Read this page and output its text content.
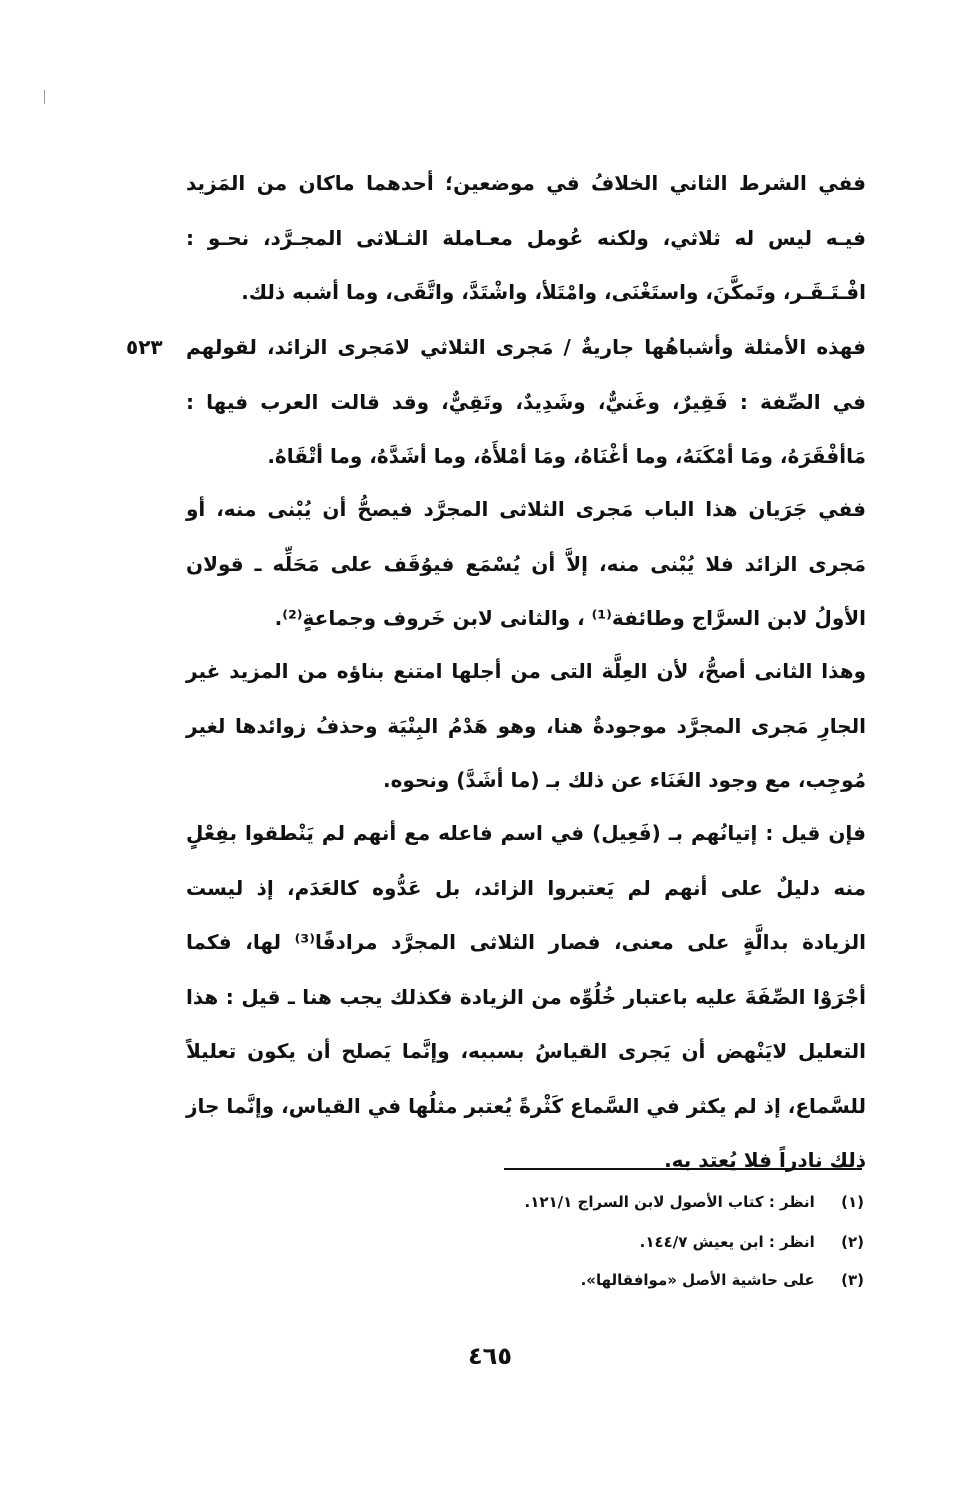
ففي الشرط الثاني الخلافُ في موضعين؛ أحدهما ماكان من المَزيد فيـه ليس له ثلاثي، ولكنه عُومل معـاملة الثـلاثى المجـرَّد، نحـو : افْـتَـقَـر، وتَمكَّنَ، واستَغْنَى، وامْتَلأ، واشْتَدَّ، واتَّقَى، وما أشبه ذلك.

٥٢٣	فهذه الأمثلة وأشباهُها جاريةٌ / مَجرى الثلاثي لامَجرى الزائد، لقولهم في الصِّفة : فَقِيرٌ، وغَنيٌّ، وشَدِيدٌ، وتَقِيٌّ، وقد قالت العرب فيها : مَاأفْقَرَهُ، ومَا أمْكَنَهُ، وما أغْنَاهُ، ومَا أمْلأَهُ، وما أشَدَّهُ، وما أتْقَاهُ.

ففي جَرَيان هذا الباب مَجرى الثلاثى المجرَّد فيصحُّ أن يُبْنى منه، أو مَجرى الزائد فلا يُبْنى منه، إلاَّ أن يُسْمَع فيوُقَف على مَحَلِّه ـ قولان الأولُ لابن السرَّاج وطائفة⁽¹⁾ ، والثانى لابن خَروف وجماعةٍ⁽²⁾.

وهذا الثانى أصحُّ، لأن العِلَّة التى من أجلها امتنع بناؤه من المزيد غير الجارِ مَجرى المجرَّد موجودةٌ هنا، وهو هَدْمُ البِنْيَة وحذفُ زوائدها لغير مُوجِب، مع وجود الغَنَاء عن ذلك بـ (ما أشَدَّ) ونحوه.

فإن قيل : إتيانُهم بـ (فَعِيل) في اسم فاعله مع أنهم لم يَنْطقوا بفِعْلٍ منه دليلٌ على أنهم لم يَعتبروا الزائد، بل عَدُّوه كالعَدَم، إذ ليست الزيادة بدالَّةٍ على معنى، فصار الثلاثى المجرَّد مرادفًا⁽³⁾ لها، فكما أجْرَوْا الصِّفَةَ عليه باعتبار خُلُوِّه من الزيادة فكذلك يجب هنا ـ قيل : هذا التعليل لايَنْهض أن يَجرى القياسُ بسببه، وإنَّما يَصلح أن يكون تعليلاً للسَّماع، إذ لم يكثر في السَّماع كَثْرةً يُعتبر مثلُها في القياس، وإنَّما جاز ذلك نادراً فلا يُعتد به.

(١) انظر : كتاب الأصول لابن السراج ١٢١/١.
(٢) انظر : ابن يعيش ١٤٤/٧.
(٣) على حاشية الأصل «موافقالها».
٤٦٥
